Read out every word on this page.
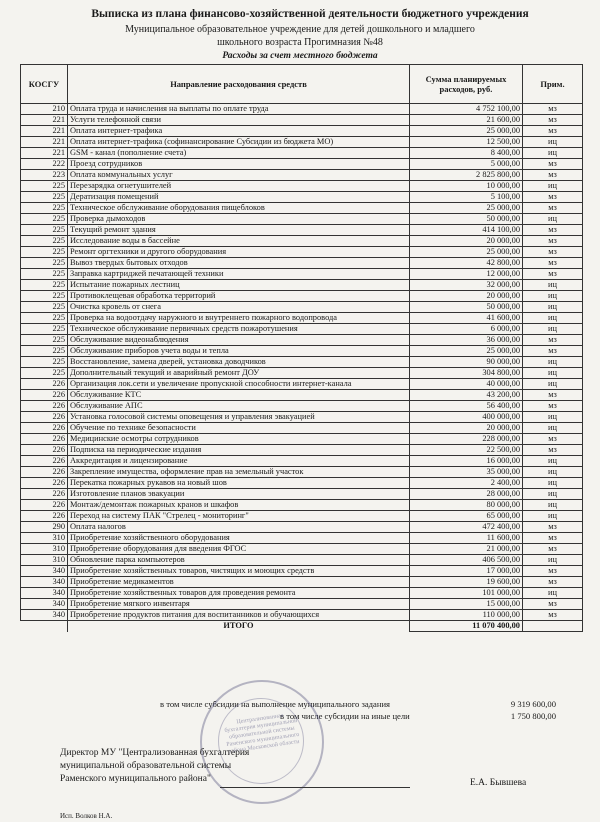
Выписка из плана финансово-хозяйственной деятельности бюджетного учреждения
Муниципальное образовательное учреждение для детей дошкольного и младшего
школьного возраста Прогимназия №48
Расходы за счет местного бюджета
КОСГУ	Направление расходования средств	Сумма планируемых расходов, руб.	Прим.
210	Оплата труда и начисления на выплаты по оплате труда	4 752 100,00	мз
221	Услуги телефонной связи	21 600,00	мз
221	Оплата интернет-трафика	25 000,00	мз
221	Оплата интернет-трафика (софинансирование Субсидии из бюджета МО)	12 500,00	иц
221	GSM - канал (пополнение счета)	8 400,00	иц
222	Проезд сотрудников	5 000,00	мз
223	Оплата коммунальных услуг	2 825 800,00	мз
225	Перезарядка огнетушителей	10 000,00	иц
225	Дератизация помещений	5 100,00	мз
225	Техническое обслуживание оборудования пищеблоков	25 000,00	мз
225	Проверка дымоходов	50 000,00	иц
225	Текущий ремонт здания	414 100,00	мз
225	Исследование воды в бассейне	20 000,00	мз
225	Ремонт оргтехники и другого оборудования	25 000,00	мз
225	Вывоз твердых бытовых отходов	42 800,00	мз
225	Заправка картриджей печатающей техники	12 000,00	мз
225	Испытание пожарных лестниц	32 000,00	иц
225	Противоклещевая обработка территорий	20 000,00	иц
225	Очистка кровель от снега	50 000,00	иц
225	Проверка на водоотдачу наружного и внутреннего пожарного водопровода	41 600,00	иц
225	Техническое обслуживание первичных средств пожаротушения	6 000,00	иц
225	Обслуживание видеонаблюдения	36 000,00	мз
225	Обслуживание приборов учета воды и тепла	25 000,00	мз
225	Восстановление, замена дверей, установка доводчиков	90 000,00	иц
225	Дополнительный текущий и аварийный ремонт ДОУ	304 800,00	иц
226	Организация лок.сети и увеличение пропускной способности интернет-канала	40 000,00	иц
226	Обслуживание КТС	43 200,00	мз
226	Обслуживание АПС	56 400,00	мз
226	Установка голосовой системы оповещения и управления эвакуацией	400 000,00	иц
226	Обучение по технике безопасности	20 000,00	иц
226	Медицинские осмотры сотрудников	228 000,00	мз
226	Подписка на периодические издания	22 500,00	мз
226	Аккредитация и лицензирование	16 000,00	иц
226	Закрепление имущества, оформление прав на земельный участок	35 000,00	иц
226	Перекатка пожарных рукавов на новый шов	2 400,00	иц
226	Изготовление планов эвакуации	28 000,00	иц
226	Монтаж/демонтаж пожарных кранов и шкафов	80 000,00	иц
226	Переход на систему ПАК "Стрелец - мониторинг"	65 000,00	иц
290	Оплата налогов	472 400,00	мз
310	Приобретение хозяйственного оборудования	11 600,00	мз
310	Приобретение оборудования для введения ФГОС	21 000,00	мз
310	Обновление парка компьютеров	406 500,00	иц
340	Приобретение хозяйственных товаров, чистящих и моющих средств	17 000,00	мз
340	Приобретение медикаментов	19 600,00	мз
340	Приобретение хозяйственных товаров для проведения ремонта	101 000,00	иц
340	Приобретение мягкого инвентаря	15 000,00	мз
340	Приобретение продуктов питания для воспитанников и обучающихся	110 000,00	мз
	ИТОГО	11 070 400,00	
в том числе субсидии на выполнение муниципального задания	9 319 600,00
в том числе субсидии на иные цели	1 750 800,00
Централизованная бухгалтерия муниципальной образовательной системы Раменского муниципального района Московской области
Директор МУ "Централизованная бухгалтерия
муниципальной образовательной системы
Раменского муниципального района"	Е.А. Бывшева
Исп. Волков Н.А.
